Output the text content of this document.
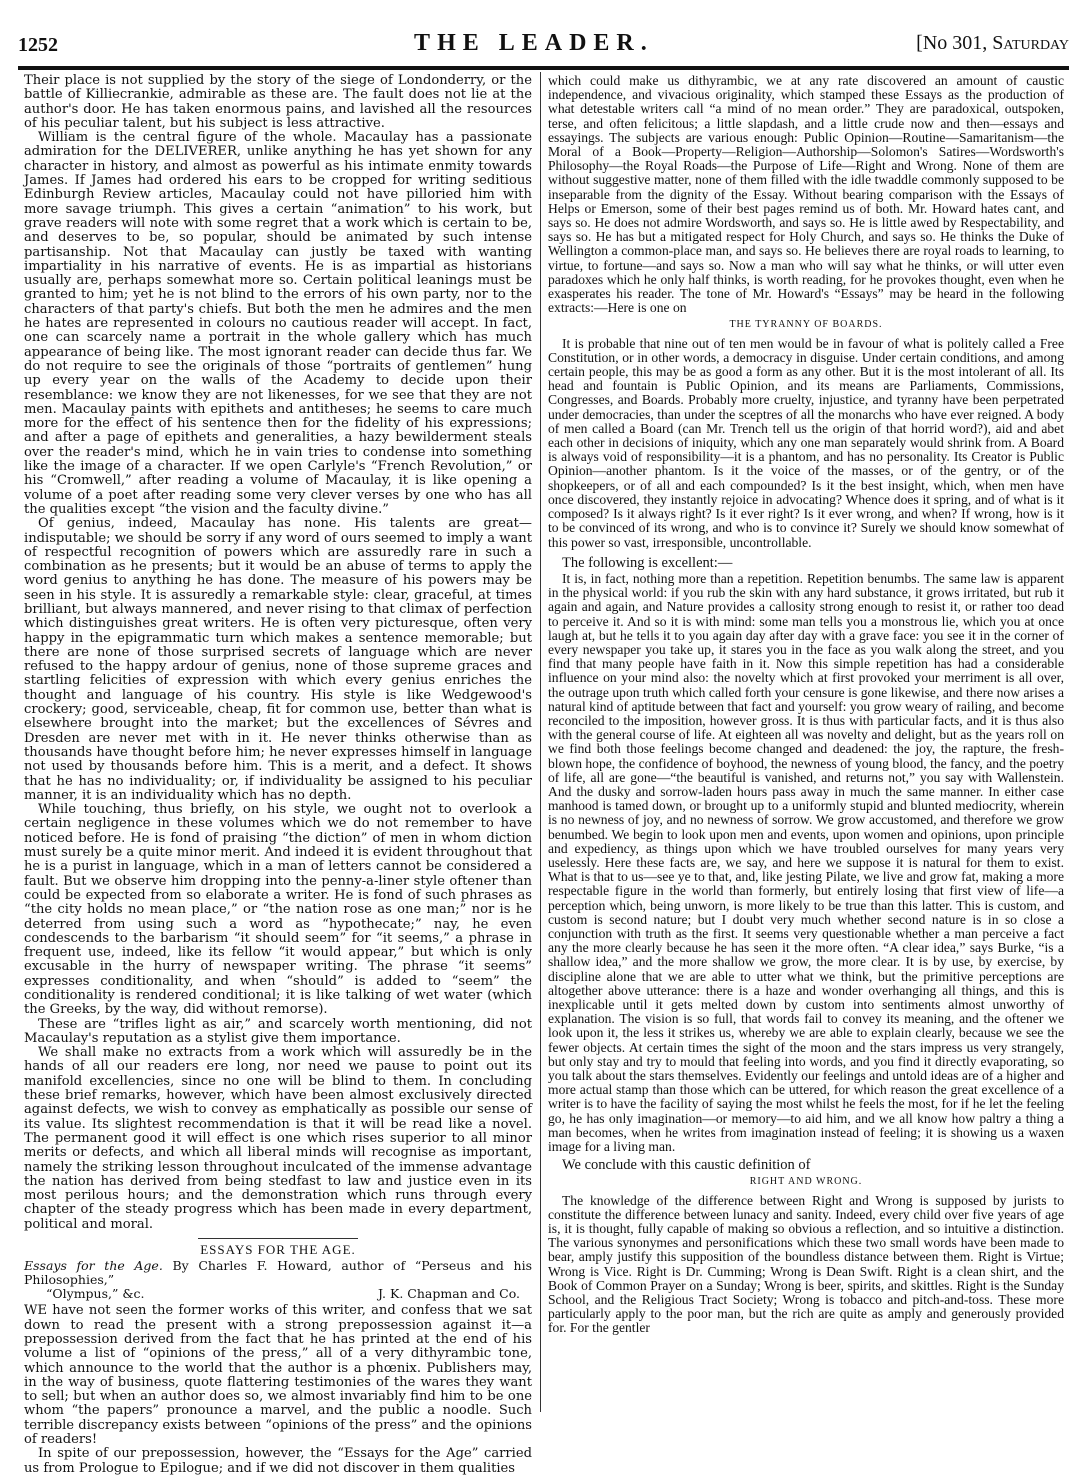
1252	THE LEADER.	[No 301, Saturday

Their place is not supplied by the story of the siege of Londonderry, or the battle of Killiecrankie, admirable as these are. The fault does not lie at the author's door. He has taken enormous pains, and lavished all the resources of his peculiar talent, but his subject is less attractive.

William is the central figure of the whole. Macaulay has a passionate admiration for the DELIVERER, unlike anything he has yet shown for any character in history, and almost as powerful as his intimate enmity towards James. If James had ordered his ears to be cropped for writing seditious Edinburgh Review articles, Macaulay could not have pilloried him with more savage triumph. This gives a certain “animation” to his work, but grave readers will note with some regret that a work which is certain to be, and deserves to be, so popular, should be animated by such intense partisanship. Not that Macaulay can justly be taxed with wanting impartiality in his narrative of events. He is as impartial as historians usually are, perhaps somewhat more so. Certain political leanings must be granted to him; yet he is not blind to the errors of his own party, nor to the characters of that party's chiefs. But both the men he admires and the men he hates are represented in colours no cautious reader will accept. In fact, one can scarcely name a portrait in the whole gallery which has much appearance of being like. The most ignorant reader can decide thus far. We do not require to see the originals of those “portraits of gentlemen” hung up every year on the walls of the Academy to decide upon their resemblance: we know they are not likenesses, for we see that they are not men. Macaulay paints with epithets and antitheses; he seems to care much more for the effect of his sentence then for the fidelity of his expressions; and after a page of epithets and generalities, a hazy bewilderment steals over the reader's mind, which he in vain tries to condense into something like the image of a character. If we open Carlyle's “French Revolution,” or his “Cromwell,” after reading a volume of Macaulay, it is like opening a volume of a poet after reading some very clever verses by one who has all the qualities except “the vision and the faculty divine.”

Of genius, indeed, Macaulay has none. His talents are great—indisputable; we should be sorry if any word of ours seemed to imply a want of respectful recognition of powers which are assuredly rare in such a combination as he presents; but it would be an abuse of terms to apply the word genius to anything he has done. The measure of his powers may be seen in his style. It is assuredly a remarkable style: clear, graceful, at times brilliant, but always mannered, and never rising to that climax of perfection which distinguishes great writers. He is often very picturesque, often very happy in the epigrammatic turn which makes a sentence memorable; but there are none of those surprised secrets of language which are never refused to the happy ardour of genius, none of those supreme graces and startling felicities of expression with which every genius enriches the thought and language of his country. His style is like Wedgewood's crockery; good, serviceable, cheap, fit for common use, better than what is elsewhere brought into the market; but the excellences of Sévres and Dresden are never met with in it. He never thinks otherwise than as thousands have thought before him; he never expresses himself in language not used by thousands before him. This is a merit, and a defect. It shows that he has no individuality; or, if individuality be assigned to his peculiar manner, it is an individuality which has no depth.

While touching, thus briefly, on his style, we ought not to overlook a certain negligence in these volumes which we do not remember to have noticed before. He is fond of praising “the diction” of men in whom diction must surely be a quite minor merit. And indeed it is evident throughout that he is a purist in language, which in a man of letters cannot be considered a fault. But we observe him dropping into the penny-a-liner style oftener than could be expected from so elaborate a writer. He is fond of such phrases as “the city holds no mean place,” or “the nation rose as one man;” nor is he deterred from using such a word as “hypothecate;” nay, he even condescends to the barbarism “it should seem” for “it seems,” a phrase in frequent use, indeed, like its fellow “it would appear,” but which is only excusable in the hurry of newspaper writing. The phrase “it seems” expresses conditionality, and when “should” is added to “seem” the conditionality is rendered conditional; it is like talking of wet water (which the Greeks, by the way, did without remorse).

These are “trifles light as air,” and scarcely worth mentioning, did not Macaulay's reputation as a stylist give them importance.

We shall make no extracts from a work which will assuredly be in the hands of all our readers ere long, nor need we pause to point out its manifold excellencies, since no one will be blind to them. In concluding these brief remarks, however, which have been almost exclusively directed against defects, we wish to convey as emphatically as possible our sense of its value. Its slightest recommendation is that it will be read like a novel. The permanent good it will effect is one which rises superior to all minor merits or defects, and which all liberal minds will recognise as important, namely the striking lesson throughout inculcated of the immense advantage the nation has derived from being stedfast to law and justice even in its most perilous hours; and the demonstration which runs through every chapter of the steady progress which has been made in every department, political and moral.

ESSAYS FOR THE AGE.
Essays for the Age. By Charles F. Howard, author of “Perseus and his Philosophies,”
“Olympus,” &c.	J. K. Chapman and Co.

WE have not seen the former works of this writer, and confess that we sat down to read the present with a strong prepossession against it—a prepossession derived from the fact that he has printed at the end of his volume a list of “opinions of the press,” all of a very dithyrambic tone, which announce to the world that the author is a phœnix. Publishers may, in the way of business, quote flattering testimonies of the wares they want to sell; but when an author does so, we almost invariably find him to be one whom “the papers” pronounce a marvel, and the public a noodle. Such terrible discrepancy exists between “opinions of the press” and the opinions of readers!

In spite of our prepossession, however, the “Essays for the Age” carried us from Prologue to Epilogue; and if we did not discover in them qualities

which could make us dithyrambic, we at any rate discovered an amount of caustic independence, and vivacious originality, which stamped these Essays as the production of what detestable writers call “a mind of no mean order.” They are paradoxical, outspoken, terse, and often felicitous; a little slapdash, and a little crude now and then—essays and essayings. The subjects are various enough: Public Opinion—Routine—Samaritanism—the Moral of a Book—Property—Religion—Authorship—Solomon's Satires—Wordsworth's Philosophy—the Royal Roads—the Purpose of Life—Right and Wrong. None of them are without suggestive matter, none of them filled with the idle twaddle commonly supposed to be inseparable from the dignity of the Essay. Without bearing comparison with the Essays of Helps or Emerson, some of their best pages remind us of both. Mr. Howard hates cant, and says so. He does not admire Wordsworth, and says so. He is little awed by Respectability, and says so. He has but a mitigated respect for Holy Church, and says so. He thinks the Duke of Wellington a common-place man, and says so. He believes there are royal roads to learning, to virtue, to fortune—and says so. Now a man who will say what he thinks, or will utter even paradoxes which he only half thinks, is worth reading, for he provokes thought, even when he exasperates his reader. The tone of Mr. Howard's “Essays” may be heard in the following extracts:—Here is one on

THE TYRANNY OF BOARDS.

It is probable that nine out of ten men would be in favour of what is politely called a Free Constitution, or in other words, a democracy in disguise. Under certain conditions, and among certain people, this may be as good a form as any other. But it is the most intolerant of all. Its head and fountain is Public Opinion, and its means are Parliaments, Commissions, Congresses, and Boards. Probably more cruelty, injustice, and tyranny have been perpetrated under democracies, than under the sceptres of all the monarchs who have ever reigned. A body of men called a Board (can Mr. Trench tell us the origin of that horrid word?), aid and abet each other in decisions of iniquity, which any one man separately would shrink from. A Board is always void of responsibility—it is a phantom, and has no personality. Its Creator is Public Opinion—another phantom. Is it the voice of the masses, or of the gentry, or of the shopkeepers, or of all and each compounded? Is it the best insight, which, when men have once discovered, they instantly rejoice in advocating? Whence does it spring, and of what is it composed? Is it always right? Is it ever right? Is it ever wrong, and when? If wrong, how is it to be convinced of its wrong, and who is to convince it? Surely we should know somewhat of this power so vast, irresponsible, uncontrollable.

The following is excellent:—

It is, in fact, nothing more than a repetition. Repetition benumbs. The same law is apparent in the physical world: if you rub the skin with any hard substance, it grows irritated, but rub it again and again, and Nature provides a callosity strong enough to resist it, or rather too dead to perceive it. And so it is with mind: some man tells you a monstrous lie, which you at once laugh at, but he tells it to you again day after day with a grave face: you see it in the corner of every newspaper you take up, it stares you in the face as you walk along the street, and you find that many people have faith in it. Now this simple repetition has had a considerable influence on your mind also: the novelty which at first provoked your merriment is all over, the outrage upon truth which called forth your censure is gone likewise, and there now arises a natural kind of aptitude between that fact and yourself: you grow weary of railing, and become reconciled to the imposition, however gross. It is thus with particular facts, and it is thus also with the general course of life. At eighteen all was novelty and delight, but as the years roll on we find both those feelings become changed and deadened: the joy, the rapture, the fresh-blown hope, the confidence of boyhood, the newness of young blood, the fancy, and the poetry of life, all are gone—“the beautiful is vanished, and returns not,” you say with Wallenstein. And the dusky and sorrow-laden hours pass away in much the same manner. In either case manhood is tamed down, or brought up to a uniformly stupid and blunted mediocrity, wherein is no newness of joy, and no newness of sorrow. We grow accustomed, and therefore we grow benumbed. We begin to look upon men and events, upon women and opinions, upon principle and expediency, as things upon which we have troubled ourselves for many years very uselessly. Here these facts are, we say, and here we suppose it is natural for them to exist. What is that to us—see ye to that, and, like jesting Pilate, we live and grow fat, making a more respectable figure in the world than formerly, but entirely losing that first view of life—a perception which, being unworn, is more likely to be true than this latter. This is custom, and custom is second nature; but I doubt very much whether second nature is in so close a conjunction with truth as the first. It seems very questionable whether a man perceive a fact any the more clearly because he has seen it the more often. “A clear idea,” says Burke, “is a shallow idea,” and the more shallow we grow, the more clear. It is by use, by exercise, by discipline alone that we are able to utter what we think, but the primitive perceptions are altogether above utterance: there is a haze and wonder overhanging all things, and this is inexplicable until it gets melted down by custom into sentiments almost unworthy of explanation. The vision is so full, that words fail to convey its meaning, and the oftener we look upon it, the less it strikes us, whereby we are able to explain clearly, because we see the fewer objects. At certain times the sight of the moon and the stars impress us very strangely, but only stay and try to mould that feeling into words, and you find it directly evaporating, so you talk about the stars themselves. Evidently our feelings and untold ideas are of a higher and more actual stamp than those which can be uttered, for which reason the great excellence of a writer is to have the facility of saying the most whilst he feels the most, for if he let the feeling go, he has only imagination—or memory—to aid him, and we all know how paltry a thing a man becomes, when he writes from imagination instead of feeling; it is showing us a waxen image for a living man.

We conclude with this caustic definition of

RIGHT AND WRONG.

The knowledge of the difference between Right and Wrong is supposed by jurists to constitute the difference between lunacy and sanity. Indeed, every child over five years of age is, it is thought, fully capable of making so obvious a reflection, and so intuitive a distinction. The various synonymes and personifications which these two small words have been made to bear, amply justify this supposition of the boundless distance between them. Right is Virtue; Wrong is Vice. Right is Dr. Cumming; Wrong is Dean Swift. Right is a clean shirt, and the Book of Common Prayer on a Sunday; Wrong is beer, spirits, and skittles. Right is the Sunday School, and the Religious Tract Society; Wrong is tobacco and pitch-and-toss. These more particularly apply to the poor man, but the rich are quite as amply and generously provided for. For the gentler
